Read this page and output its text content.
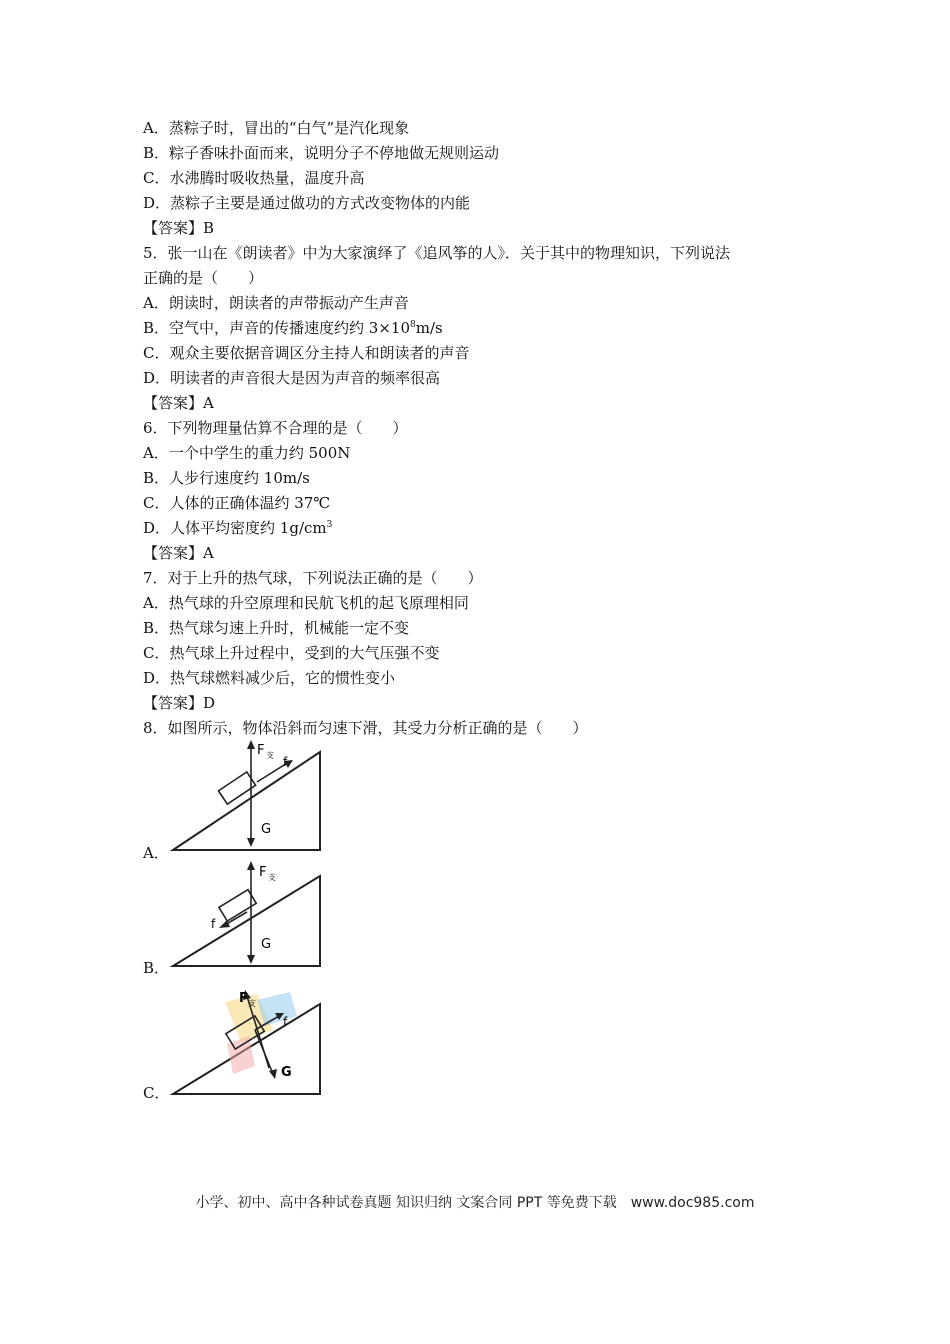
A．蒸粽子时，冒出的“白气”是汽化现象
B．粽子香味扑面而来，说明分子不停地做无规则运动
C．水沸腾时吸收热量，温度升高
D．蒸粽子主要是通过做功的方式改变物体的内能
【答案】B
5．张一山在《朗读者》中为大家演绎了《追风筝的人》．关于其中的物理知识，下列说法
正确的是（　　）
A．朗读时，朗读者的声带振动产生声音
B．空气中，声音的传播速度约约 $3\times 10^8m/s$
C．观众主要依据音调区分主持人和朗读者的声音
D．明读者的声音很大是因为声音的频率很高
【答案】A
6．下列物理量估算不合理的是（　　）
A．一个中学生的重力约 500N
B．人步行速度约 10m/s
C．人体的正确体温约 37℃
D．人体平均密度约 $1g/cm^3$
【答案】A
7．对于上升的热气球，下列说法正确的是（　　）
A．热气球的升空原理和民航飞机的起飞原理相同
B．热气球匀速上升时，机械能一定不变
C．热气球上升过程中，受到的大气压强不变
D．热气球燃料减少后，它的惯性变小
【答案】D
8．如图所示，物体沿斜而匀速下滑，其受力分析正确的是（　　）
F 支 f
G
A．
F 支
f
G
B．
F 支
f
G
C．
小学、初中、高中各种试卷真题 知识归纳 文案合同 PPT 等免费下载　www.doc985.com
